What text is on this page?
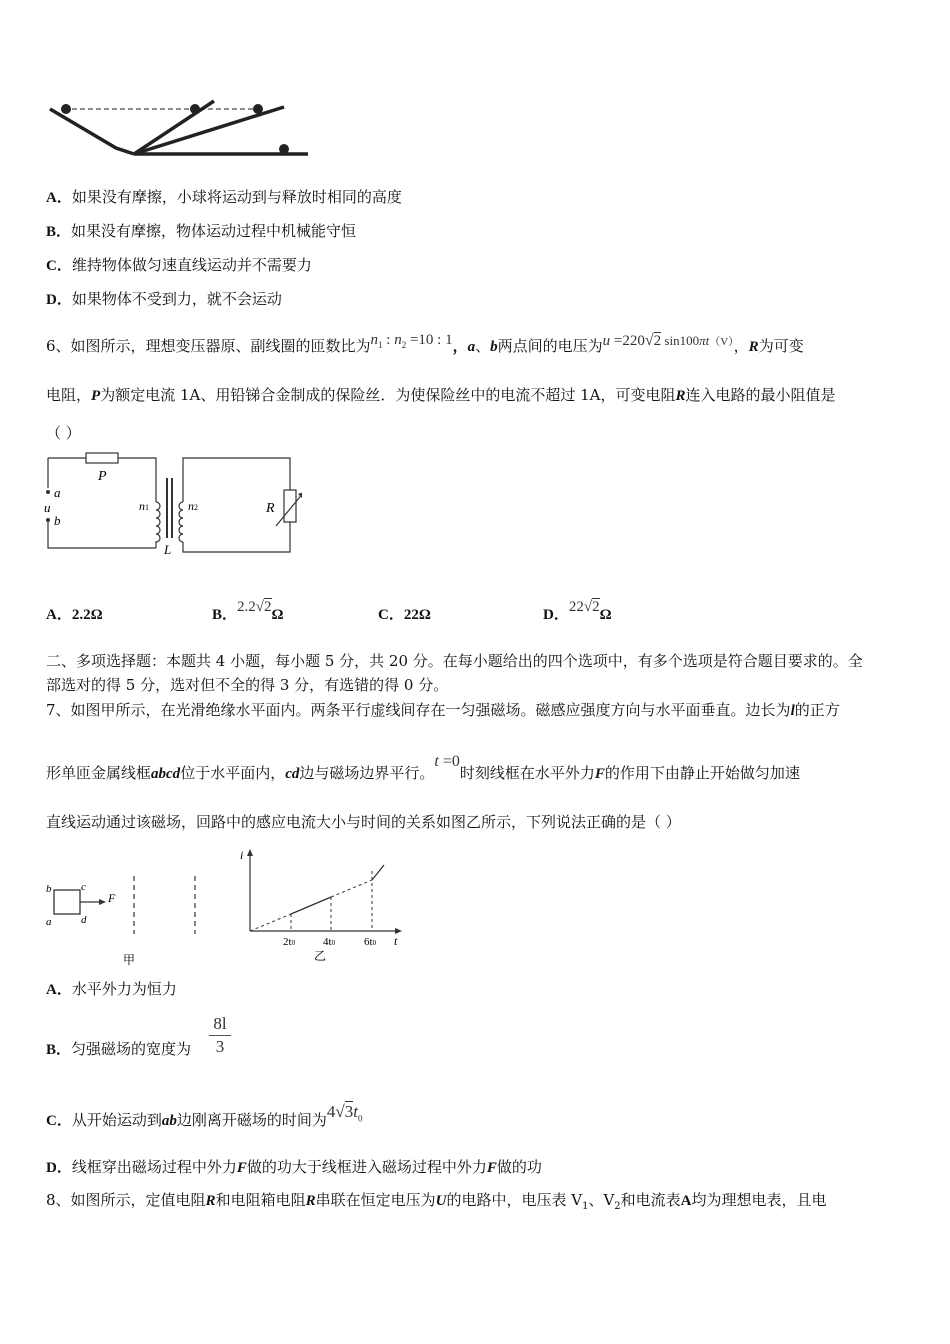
A．如果没有摩擦，小球将运动到与释放时相同的高度
B．如果没有摩擦，物体运动过程中机械能守恒
C．维持物体做匀速直线运动并不需要力
D．如果物体不受到力，就不会运动
6、如图所示，理想变压器原、副线圈的匝数比为$n_1$ : $n_2 =10$ : 1，a、b两点间的电压为u =220√2 sin100πt（V），R为可变
电阻，P为额定电流 1A、用铅锑合金制成的保险丝．为使保险丝中的电流不超过 1A，可变电阻R连入电路的最小阻值是
（ ）
P
a
u
b
n1	n2
L
R
A．2.2Ω	B．2.2√2Ω	C．22Ω	D．22√2Ω
二、多项选择题：本题共 4 小题，每小题 5 分，共 20 分。在每小题给出的四个选项中，有多个选项是符合题目要求的。全
部选对的得 5 分，选对但不全的得 3 分，有选错的得 0 分。
7、如图甲所示，在光滑绝缘水平面内。两条平行虚线间存在一匀强磁场。磁感应强度方向与水平面垂直。边长为l的正方
形单匝金属线框abcd位于水平面内，cd边与磁场边界平行。t =0时刻线框在水平外力F的作用下由静止开始做匀加速
直线运动通过该磁场，回路中的感应电流大小与时间的关系如图乙所示，下列说法正确的是（ ）
b	c
a	d
F
甲
i
t
2t0	4t0	6t0
乙
A．水平外力为恒力
B．匀强磁场的宽度为 $\frac{8l}{3}$
C．从开始运动到ab边刚离开磁场的时间为$4√3t_0$
D．线框穿出磁场过程中外力F做的功大于线框进入磁场过程中外力F做的功
8、如图所示，定值电阻R和电阻箱电阻R串联在恒定电压为U的电路中，电压表 $V_1$、$V_2$和电流表A均为理想电表，且电
